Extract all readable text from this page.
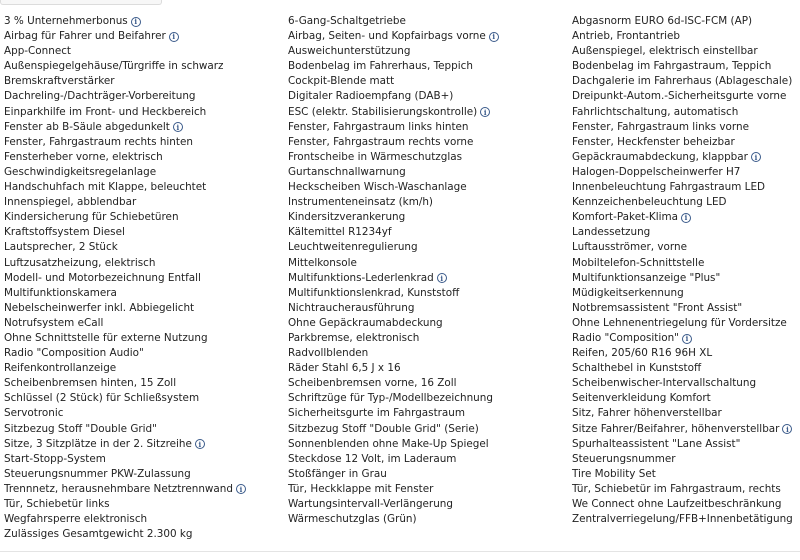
3 % Unternehmerbonus i
Airbag für Fahrer und Beifahrer i
App-Connect
Außenspiegelgehäuse/Türgriffe in schwarz
Bremskraftverstärker
Dachreling-/Dachträger-Vorbereitung
Einparkhilfe im Front- und Heckbereich
Fenster ab B-Säule abgedunkelt i
Fenster, Fahrgastraum rechts hinten
Fensterheber vorne, elektrisch
Geschwindigkeitsregelanlage
Handschuhfach mit Klappe, beleuchtet
Innenspiegel, abblendbar
Kindersicherung für Schiebetüren
Kraftstoffsystem Diesel
Lautsprecher, 2 Stück
Luftzusatzheizung, elektrisch
Modell- und Motorbezeichnung Entfall
Multifunktionskamera
Nebelscheinwerfer inkl. Abbiegelicht
Notrufsystem eCall
Ohne Schnittstelle für externe Nutzung
Radio "Composition Audio"
Reifenkontrollanzeige
Scheibenbremsen hinten, 15 Zoll
Schlüssel (2 Stück) für Schließsystem
Servotronic
Sitzbezug Stoff "Double Grid"
Sitze, 3 Sitzplätze in der 2. Sitzreihe i
Start-Stopp-System
Steuerungsnummer PKW-Zulassung
Trennnetz, herausnehmbare Netztrennwand i
Tür, Schiebetür links
Wegfahrsperre elektronisch
Zulässiges Gesamtgewicht 2.300 kg
6-Gang-Schaltgetriebe
Airbag, Seiten- und Kopfairbags vorne i
Ausweichunterstützung
Bodenbelag im Fahrerhaus, Teppich
Cockpit-Blende matt
Digitaler Radioempfang (DAB+)
ESC (elektr. Stabilisierungskontrolle) i
Fenster, Fahrgastraum links hinten
Fenster, Fahrgastraum rechts vorne
Frontscheibe in Wärmeschutzglas
Gurtanschnallwarnung
Heckscheiben Wisch-Waschanlage
Instrumenteneinsatz (km/h)
Kindersitzverankerung
Kältemittel R1234yf
Leuchtweitenregulierung
Mittelkonsole
Multifunktions-Lederlenkrad i
Multifunktionslenkrad, Kunststoff
Nichtraucherausführung
Ohne Gepäckraumabdeckung
Parkbremse, elektronisch
Radvollblenden
Räder Stahl 6,5 J x 16
Scheibenbremsen vorne, 16 Zoll
Schriftzüge für Typ-/Modellbezeichnung
Sicherheitsgurte im Fahrgastraum
Sitzbezug Stoff "Double Grid" (Serie)
Sonnenblenden ohne Make-Up Spiegel
Steckdose 12 Volt, im Laderaum
Stoßfänger in Grau
Tür, Heckklappe mit Fenster
Wartungsintervall-Verlängerung
Wärmeschutzglas (Grün)
Abgasnorm EURO 6d-ISC-FCM (AP)
Antrieb, Frontantrieb
Außenspiegel, elektrisch einstellbar
Bodenbelag im Fahrgastraum, Teppich
Dachgalerie im Fahrerhaus (Ablageschale)
Dreipunkt-Autom.-Sicherheitsgurte vorne
Fahrlichtschaltung, automatisch
Fenster, Fahrgastraum links vorne
Fenster, Heckfenster beheizbar
Gepäckraumabdeckung, klappbar i
Halogen-Doppelscheinwerfer H7
Innenbeleuchtung Fahrgastraum LED
Kennzeichenbeleuchtung LED
Komfort-Paket-Klima i
Landessetzung
Luftausströmer, vorne
Mobiltelefon-Schnittstelle
Multifunktionsanzeige "Plus"
Müdigkeitserkennung
Notbremsassistent "Front Assist"
Ohne Lehnenentriegelung für Vordersitze
Radio "Composition" i
Reifen, 205/60 R16 96H XL
Schalthebel in Kunststoff
Scheibenwischer-Intervallschaltung
Seitenverkleidung Komfort
Sitz, Fahrer höhenverstellbar
Sitze Fahrer/Beifahrer, höhenverstellbar i
Spurhalteassistent "Lane Assist"
Steuerungsnummer
Tire Mobility Set
Tür, Schiebetür im Fahrgastraum, rechts
We Connect ohne Laufzeitbeschränkung
Zentralverriegelung/FFB+Innenbetätigung
